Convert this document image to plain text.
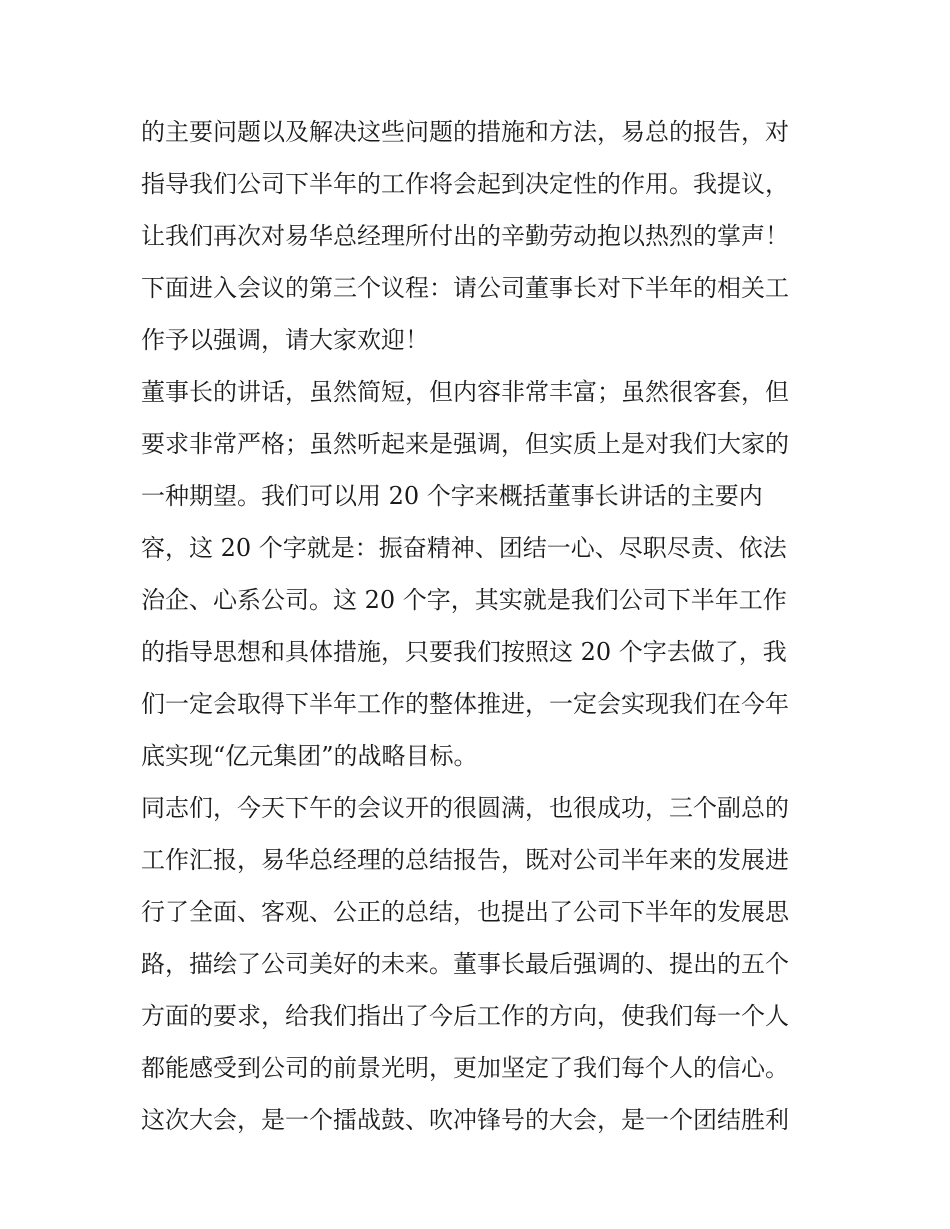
的主要问题以及解决这些问题的措施和方法，易总的报告，对
指导我们公司下半年的工作将会起到决定性的作用。我提议，
让我们再次对易华总经理所付出的辛勤劳动抱以热烈的掌声！
下面进入会议的第三个议程：请公司董事长对下半年的相关工
作予以强调，请大家欢迎！
董事长的讲话，虽然简短，但内容非常丰富；虽然很客套，但
要求非常严格；虽然听起来是强调，但实质上是对我们大家的
一种期望。我们可以用 20 个字来概括董事长讲话的主要内
容，这 20 个字就是：振奋精神、团结一心、尽职尽责、依法
治企、心系公司。这 20 个字，其实就是我们公司下半年工作
的指导思想和具体措施，只要我们按照这 20 个字去做了，我
们一定会取得下半年工作的整体推进，一定会实现我们在今年
底实现“亿元集团”的战略目标。
同志们，今天下午的会议开的很圆满，也很成功，三个副总的
工作汇报，易华总经理的总结报告，既对公司半年来的发展进
行了全面、客观、公正的总结，也提出了公司下半年的发展思
路，描绘了公司美好的未来。董事长最后强调的、提出的五个
方面的要求，给我们指出了今后工作的方向，使我们每一个人
都能感受到公司的前景光明，更加坚定了我们每个人的信心。
这次大会，是一个擂战鼓、吹冲锋号的大会，是一个团结胜利
